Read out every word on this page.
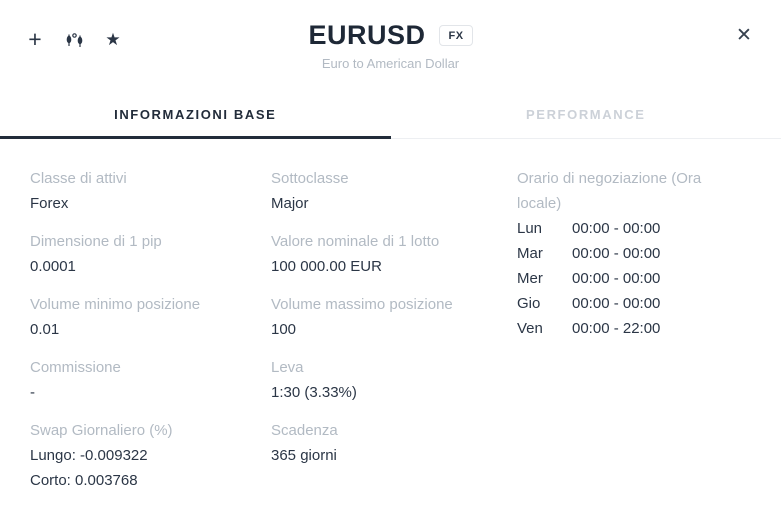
+	★	✕
EURUSD	FX
Euro to American Dollar
INFORMAZIONI BASE	PERFORMANCE
Classe di attivi
Forex
Dimensione di 1 pip
0.0001
Volume minimo posizione
0.01
Commissione
-
Swap Giornaliero (%)
Lungo: -0.009322
Corto: 0.003768
Sottoclasse
Major
Valore nominale di 1 lotto
100 000.00 EUR
Volume massimo posizione
100
Leva
1:30 (3.33%)
Scadenza
365 giorni
Orario di negoziazione (Ora locale)
Lun	00:00 - 00:00
Mar	00:00 - 00:00
Mer	00:00 - 00:00
Gio	00:00 - 00:00
Ven	00:00 - 22:00
